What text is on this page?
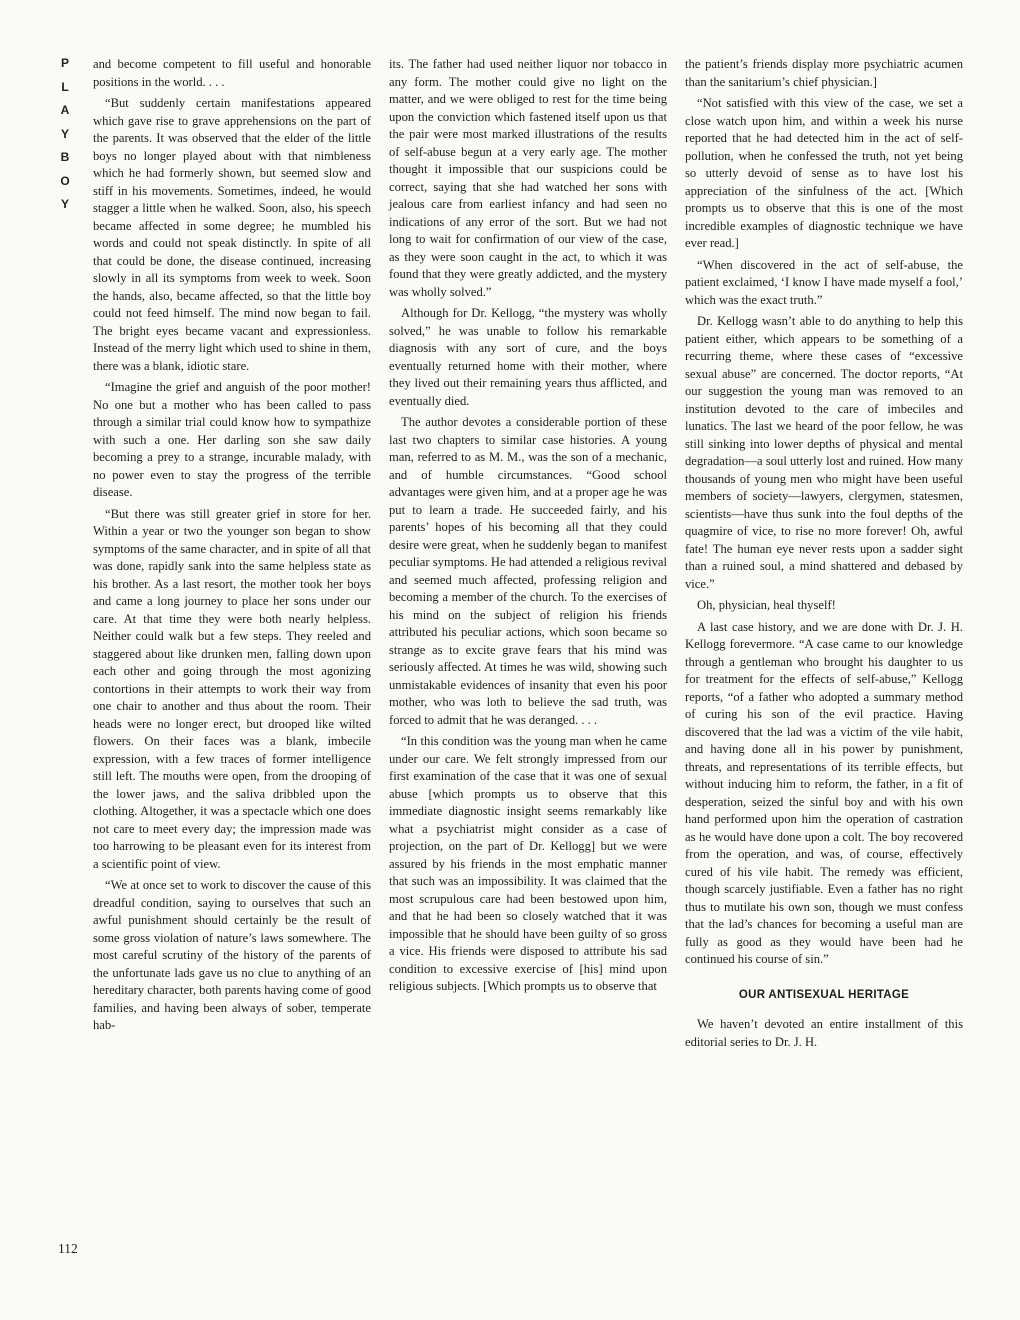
P
L
A
Y
B
O
Y
112

and become competent to fill useful and honorable positions in the world. . . .

“But suddenly certain manifestations appeared which gave rise to grave apprehensions on the part of the parents. It was observed that the elder of the little boys no longer played about with that nimbleness which he had formerly shown, but seemed slow and stiff in his movements. Sometimes, indeed, he would stagger a little when he walked. Soon, also, his speech became affected in some degree; he mumbled his words and could not speak distinctly. In spite of all that could be done, the disease continued, increasing slowly in all its symptoms from week to week. Soon the hands, also, became affected, so that the little boy could not feed himself. The mind now began to fail. The bright eyes became vacant and expressionless. Instead of the merry light which used to shine in them, there was a blank, idiotic stare.

“Imagine the grief and anguish of the poor mother! No one but a mother who has been called to pass through a similar trial could know how to sympathize with such a one. Her darling son she saw daily becoming a prey to a strange, incurable malady, with no power even to stay the progress of the terrible disease.

“But there was still greater grief in store for her. Within a year or two the younger son began to show symptoms of the same character, and in spite of all that was done, rapidly sank into the same helpless state as his brother. As a last resort, the mother took her boys and came a long journey to place her sons under our care. At that time they were both nearly helpless. Neither could walk but a few steps. They reeled and staggered about like drunken men, falling down upon each other and going through the most agonizing contortions in their attempts to work their way from one chair to another and thus about the room. Their heads were no longer erect, but drooped like wilted flowers. On their faces was a blank, imbecile expression, with a few traces of former intelligence still left. The mouths were open, from the drooping of the lower jaws, and the saliva dribbled upon the clothing. Altogether, it was a spectacle which one does not care to meet every day; the impression made was too harrowing to be pleasant even for its interest from a scientific point of view.

“We at once set to work to discover the cause of this dreadful condition, saying to ourselves that such an awful punishment should certainly be the result of some gross violation of nature’s laws somewhere. The most careful scrutiny of the history of the parents of the unfortunate lads gave us no clue to anything of an hereditary character, both parents having come of good families, and having been always of sober, temperate hab-

its. The father had used neither liquor nor tobacco in any form. The mother could give no light on the matter, and we were obliged to rest for the time being upon the conviction which fastened itself upon us that the pair were most marked illustrations of the results of self-abuse begun at a very early age. The mother thought it impossible that our suspicions could be correct, saying that she had watched her sons with jealous care from earliest infancy and had seen no indications of any error of the sort. But we had not long to wait for confirmation of our view of the case, as they were soon caught in the act, to which it was found that they were greatly addicted, and the mystery was wholly solved.”

Although for Dr. Kellogg, “the mystery was wholly solved,” he was unable to follow his remarkable diagnosis with any sort of cure, and the boys eventually returned home with their mother, where they lived out their remaining years thus afflicted, and eventually died.

The author devotes a considerable portion of these last two chapters to similar case histories. A young man, referred to as M. M., was the son of a mechanic, and of humble circumstances. “Good school advantages were given him, and at a proper age he was put to learn a trade. He succeeded fairly, and his parents’ hopes of his becoming all that they could desire were great, when he suddenly began to manifest peculiar symptoms. He had attended a religious revival and seemed much affected, professing religion and becoming a member of the church. To the exercises of his mind on the subject of religion his friends attributed his peculiar actions, which soon became so strange as to excite grave fears that his mind was seriously affected. At times he was wild, showing such unmistakable evidences of insanity that even his poor mother, who was loth to believe the sad truth, was forced to admit that he was deranged. . . .

“In this condition was the young man when he came under our care. We felt strongly impressed from our first examination of the case that it was one of sexual abuse [which prompts us to observe that this immediate diagnostic insight seems remarkably like what a psychiatrist might consider as a case of projection, on the part of Dr. Kellogg] but we were assured by his friends in the most emphatic manner that such was an impossibility. It was claimed that the most scrupulous care had been bestowed upon him, and that he had been so closely watched that it was impossible that he should have been guilty of so gross a vice. His friends were disposed to attribute his sad condition to excessive exercise of [his] mind upon religious subjects. [Which prompts us to observe that

the patient’s friends display more psychiatric acumen than the sanitarium’s chief physician.]

“Not satisfied with this view of the case, we set a close watch upon him, and within a week his nurse reported that he had detected him in the act of self-pollution, when he confessed the truth, not yet being so utterly devoid of sense as to have lost his appreciation of the sinfulness of the act. [Which prompts us to observe that this is one of the most incredible examples of diagnostic technique we have ever read.]

“When discovered in the act of self-abuse, the patient exclaimed, ‘I know I have made myself a fool,’ which was the exact truth.”

Dr. Kellogg wasn’t able to do anything to help this patient either, which appears to be something of a recurring theme, where these cases of “excessive sexual abuse” are concerned. The doctor reports, “At our suggestion the young man was removed to an institution devoted to the care of imbeciles and lunatics. The last we heard of the poor fellow, he was still sinking into lower depths of physical and mental degradation—a soul utterly lost and ruined. How many thousands of young men who might have been useful members of society—lawyers, clergymen, statesmen, scientists—have thus sunk into the foul depths of the quagmire of vice, to rise no more forever! Oh, awful fate! The human eye never rests upon a sadder sight than a ruined soul, a mind shattered and debased by vice.”

Oh, physician, heal thyself!

A last case history, and we are done with Dr. J. H. Kellogg forevermore. “A case came to our knowledge through a gentleman who brought his daughter to us for treatment for the effects of self-abuse,” Kellogg reports, “of a father who adopted a summary method of curing his son of the evil practice. Having discovered that the lad was a victim of the vile habit, and having done all in his power by punishment, threats, and representations of its terrible effects, but without inducing him to reform, the father, in a fit of desperation, seized the sinful boy and with his own hand performed upon him the operation of castration as he would have done upon a colt. The boy recovered from the operation, and was, of course, effectively cured of his vile habit. The remedy was efficient, though scarcely justifiable. Even a father has no right thus to mutilate his own son, though we must confess that the lad’s chances for becoming a useful man are fully as good as they would have been had he continued his course of sin.”

OUR ANTISEXUAL HERITAGE

We haven’t devoted an entire installment of this editorial series to Dr. J. H.
